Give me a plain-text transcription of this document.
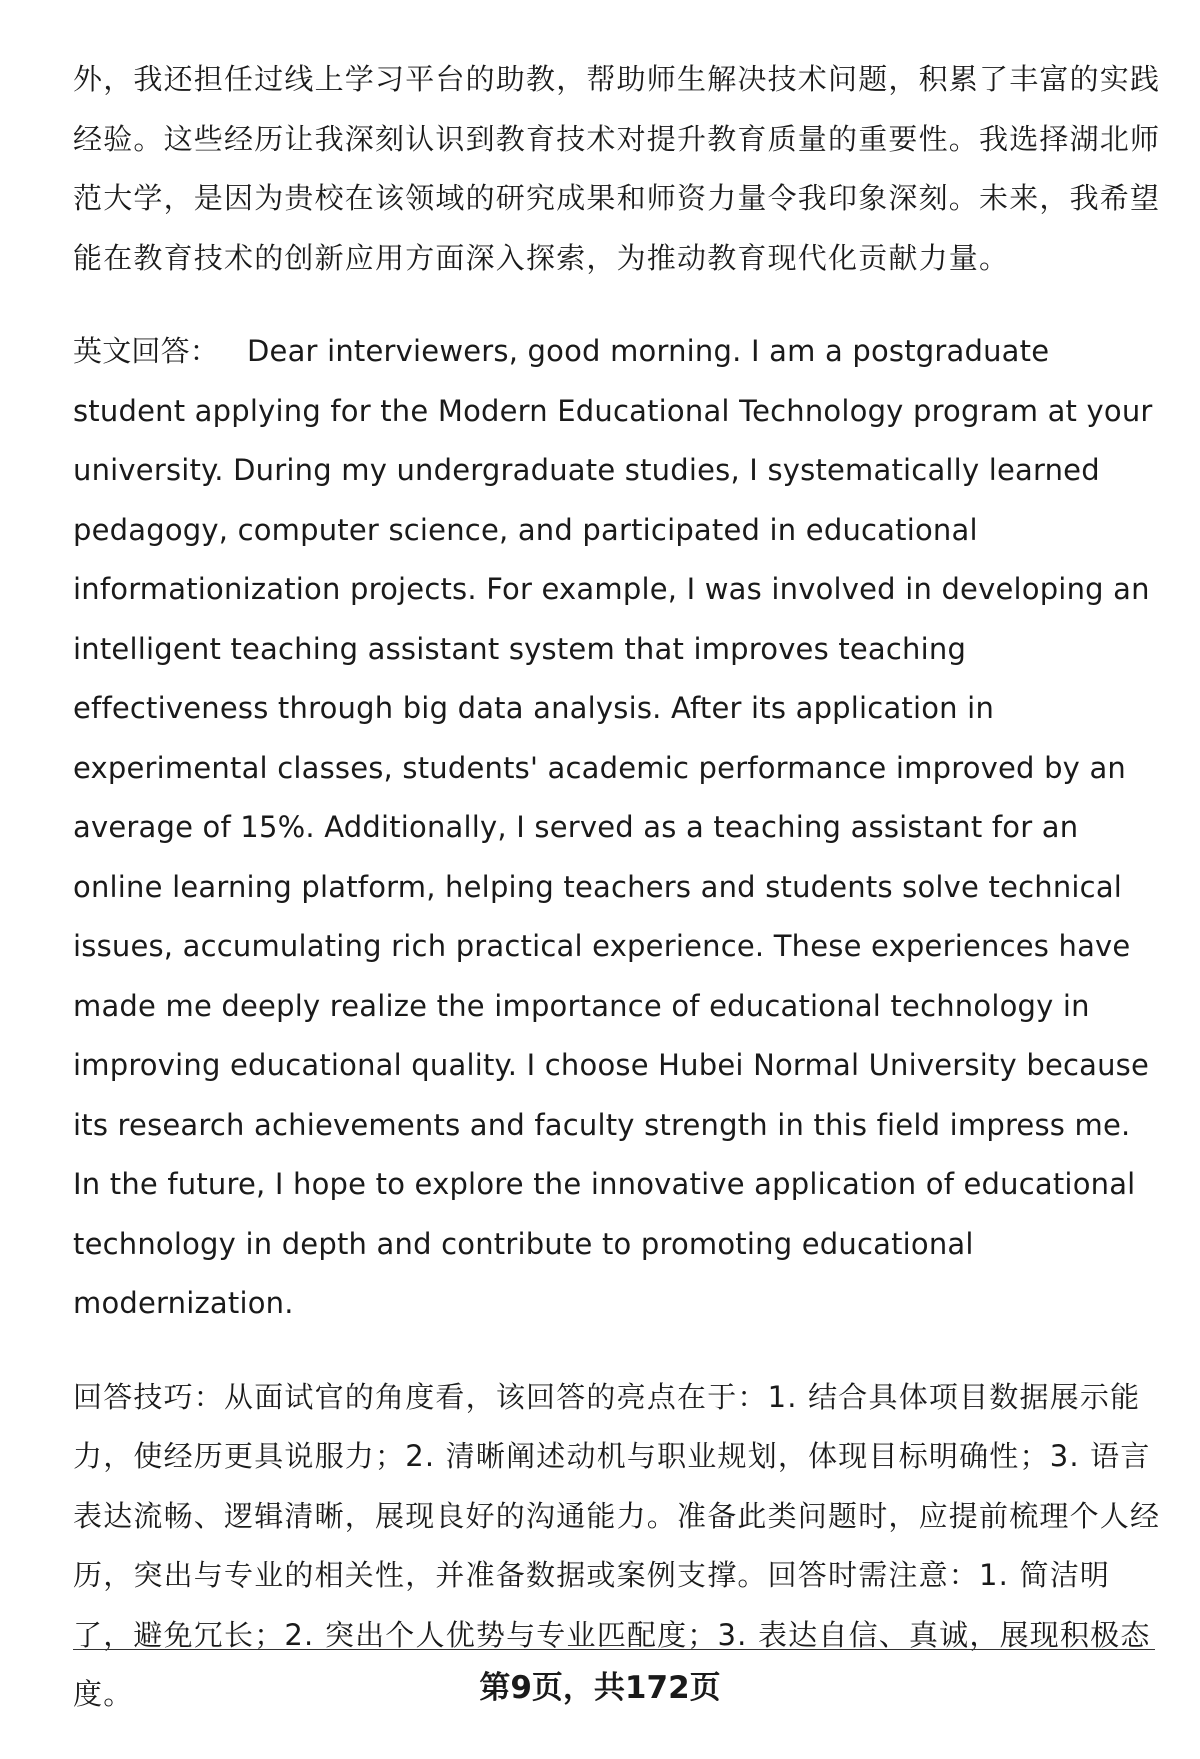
外，我还担任过线上学习平台的助教，帮助师生解决技术问题，积累了丰富的实践经验。这些经历让我深刻认识到教育技术对提升教育质量的重要性。我选择湖北师范大学，是因为贵校在该领域的研究成果和师资力量令我印象深刻。未来，我希望能在教育技术的创新应用方面深入探索，为推动教育现代化贡献力量。

英文回答： Dear interviewers, good morning. I am a postgraduate student applying for the Modern Educational Technology program at your university. During my undergraduate studies, I systematically learned pedagogy, computer science, and participated in educational informationization projects. For example, I was involved in developing an intelligent teaching assistant system that improves teaching effectiveness through big data analysis. After its application in experimental classes, students' academic performance improved by an average of 15%. Additionally, I served as a teaching assistant for an online learning platform, helping teachers and students solve technical issues, accumulating rich practical experience. These experiences have made me deeply realize the importance of educational technology in improving educational quality. I choose Hubei Normal University because its research achievements and faculty strength in this field impress me. In the future, I hope to explore the innovative application of educational technology in depth and contribute to promoting educational modernization.

回答技巧：从面试官的角度看，该回答的亮点在于：1. 结合具体项目数据展示能力，使经历更具说服力；2. 清晰阐述动机与职业规划，体现目标明确性；3. 语言表达流畅、逻辑清晰，展现良好的沟通能力。准备此类问题时，应提前梳理个人经历，突出与专业的相关性，并准备数据或案例支撑。回答时需注意：1. 简洁明了，避免冗长；2. 突出个人优势与专业匹配度；3. 表达自信、真诚，展现积极态度。	第9页，共172页
